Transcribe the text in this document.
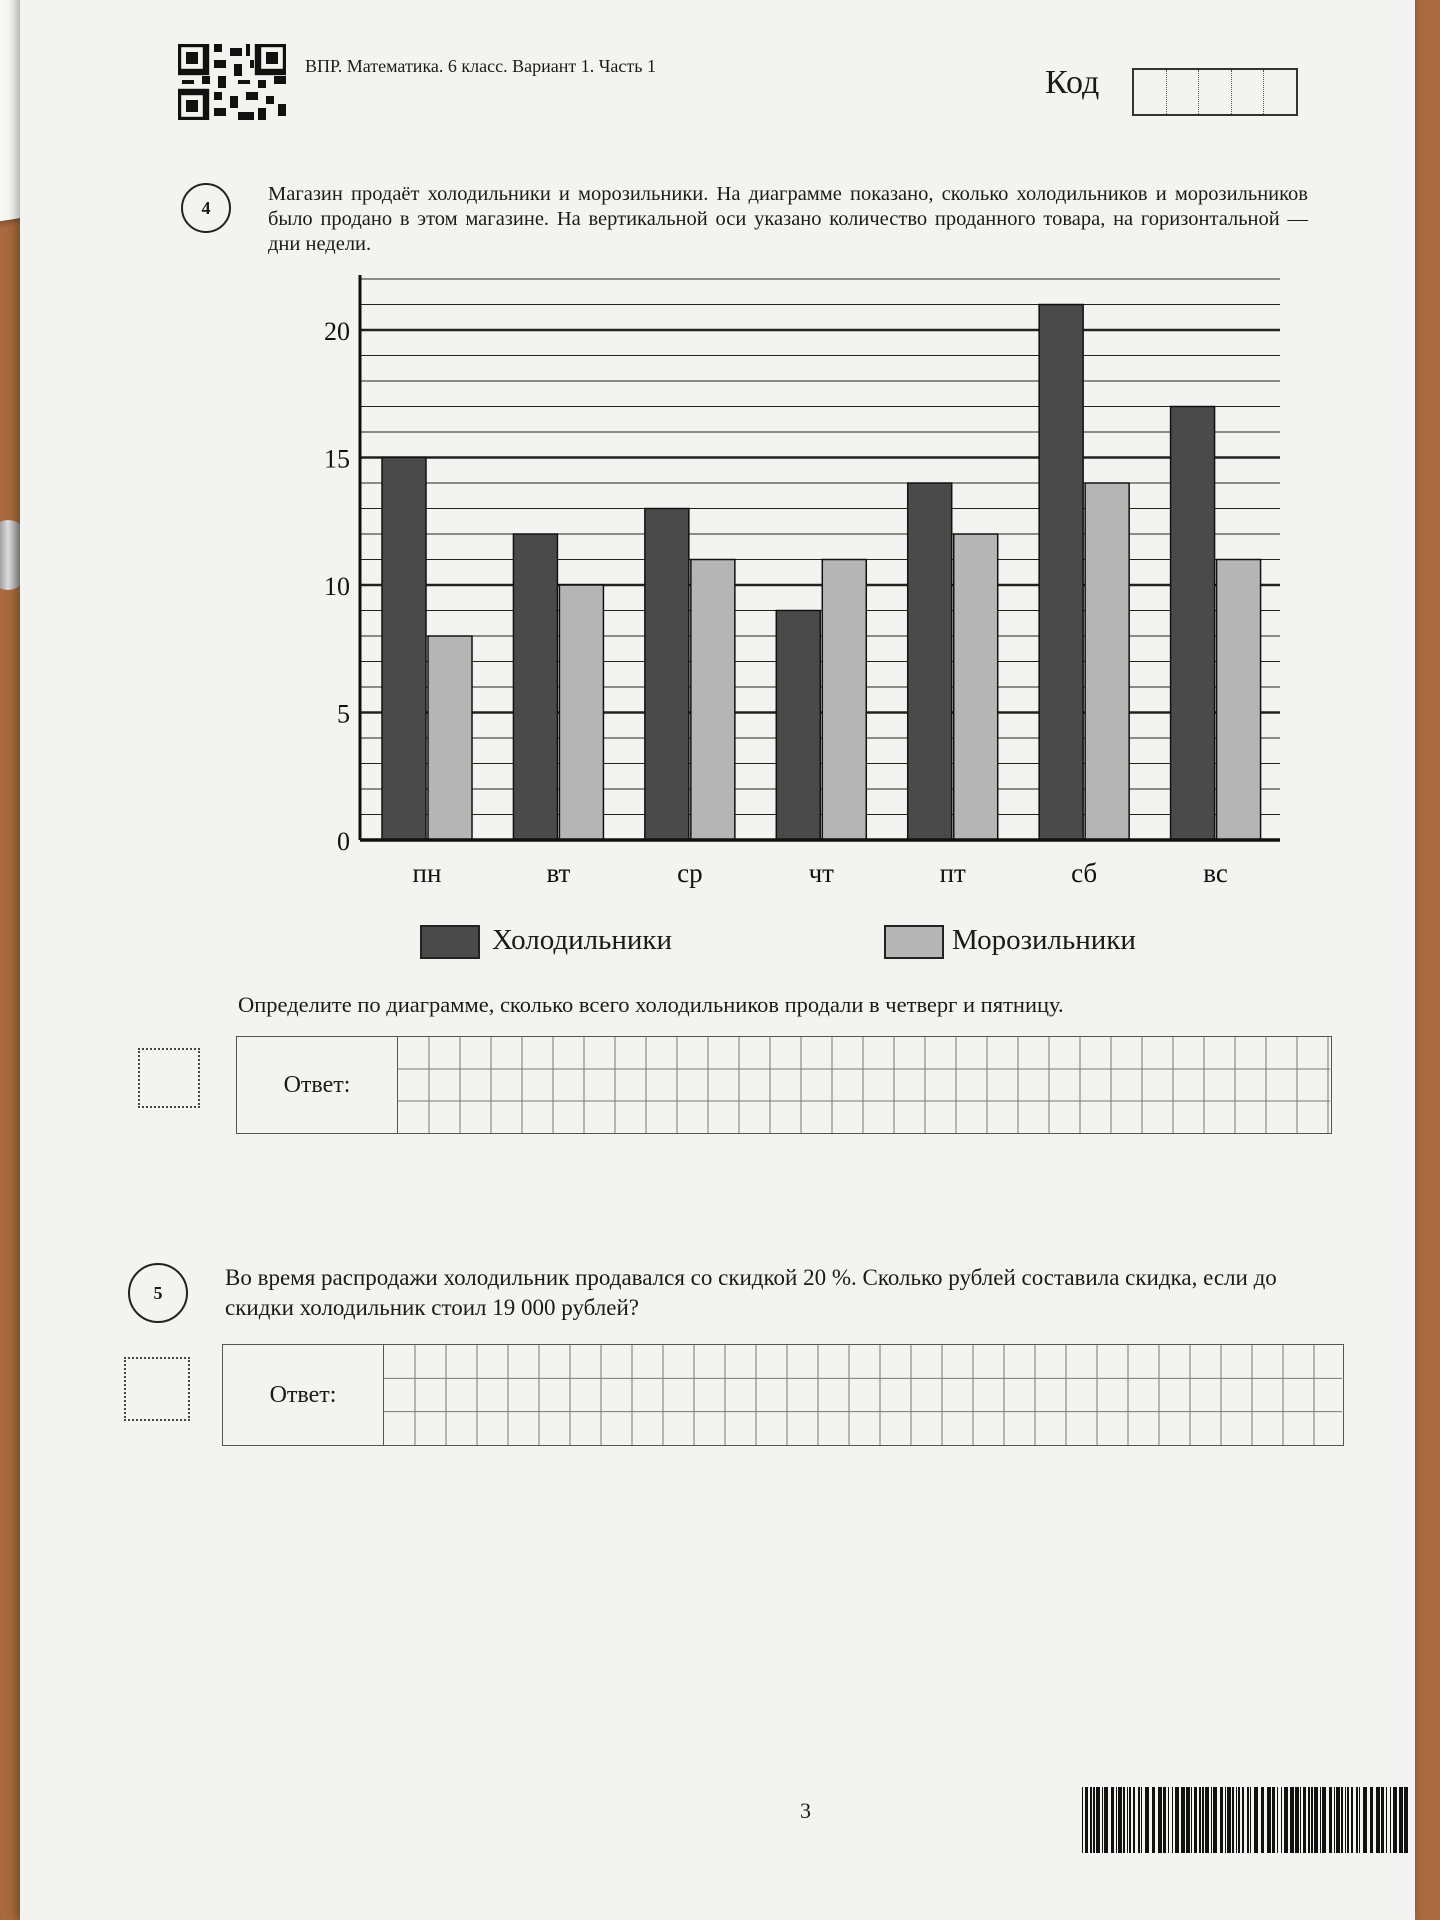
ВПР. Математика. 6 класс. Вариант 1. Часть 1	Код
4
Магазин продаёт холодильники и морозильники. На диаграмме показано, сколько холодильников и морозильников было продано в этом магазине. На вертикальной оси указано количество проданного товара, на горизонтальной — дни недели.
пн	вт	ср	чт	пт	сб	вс
0
5
10
15
20
Холодильники	Морозильники
Определите по диаграмме, сколько всего холодильников продали в четверг и пятницу.
Ответ:
5
Во время распродажи холодильник продавался со скидкой 20 %. Сколько рублей составила скидка, если до скидки холодильник стоил 19 000 рублей?
Ответ:
3
